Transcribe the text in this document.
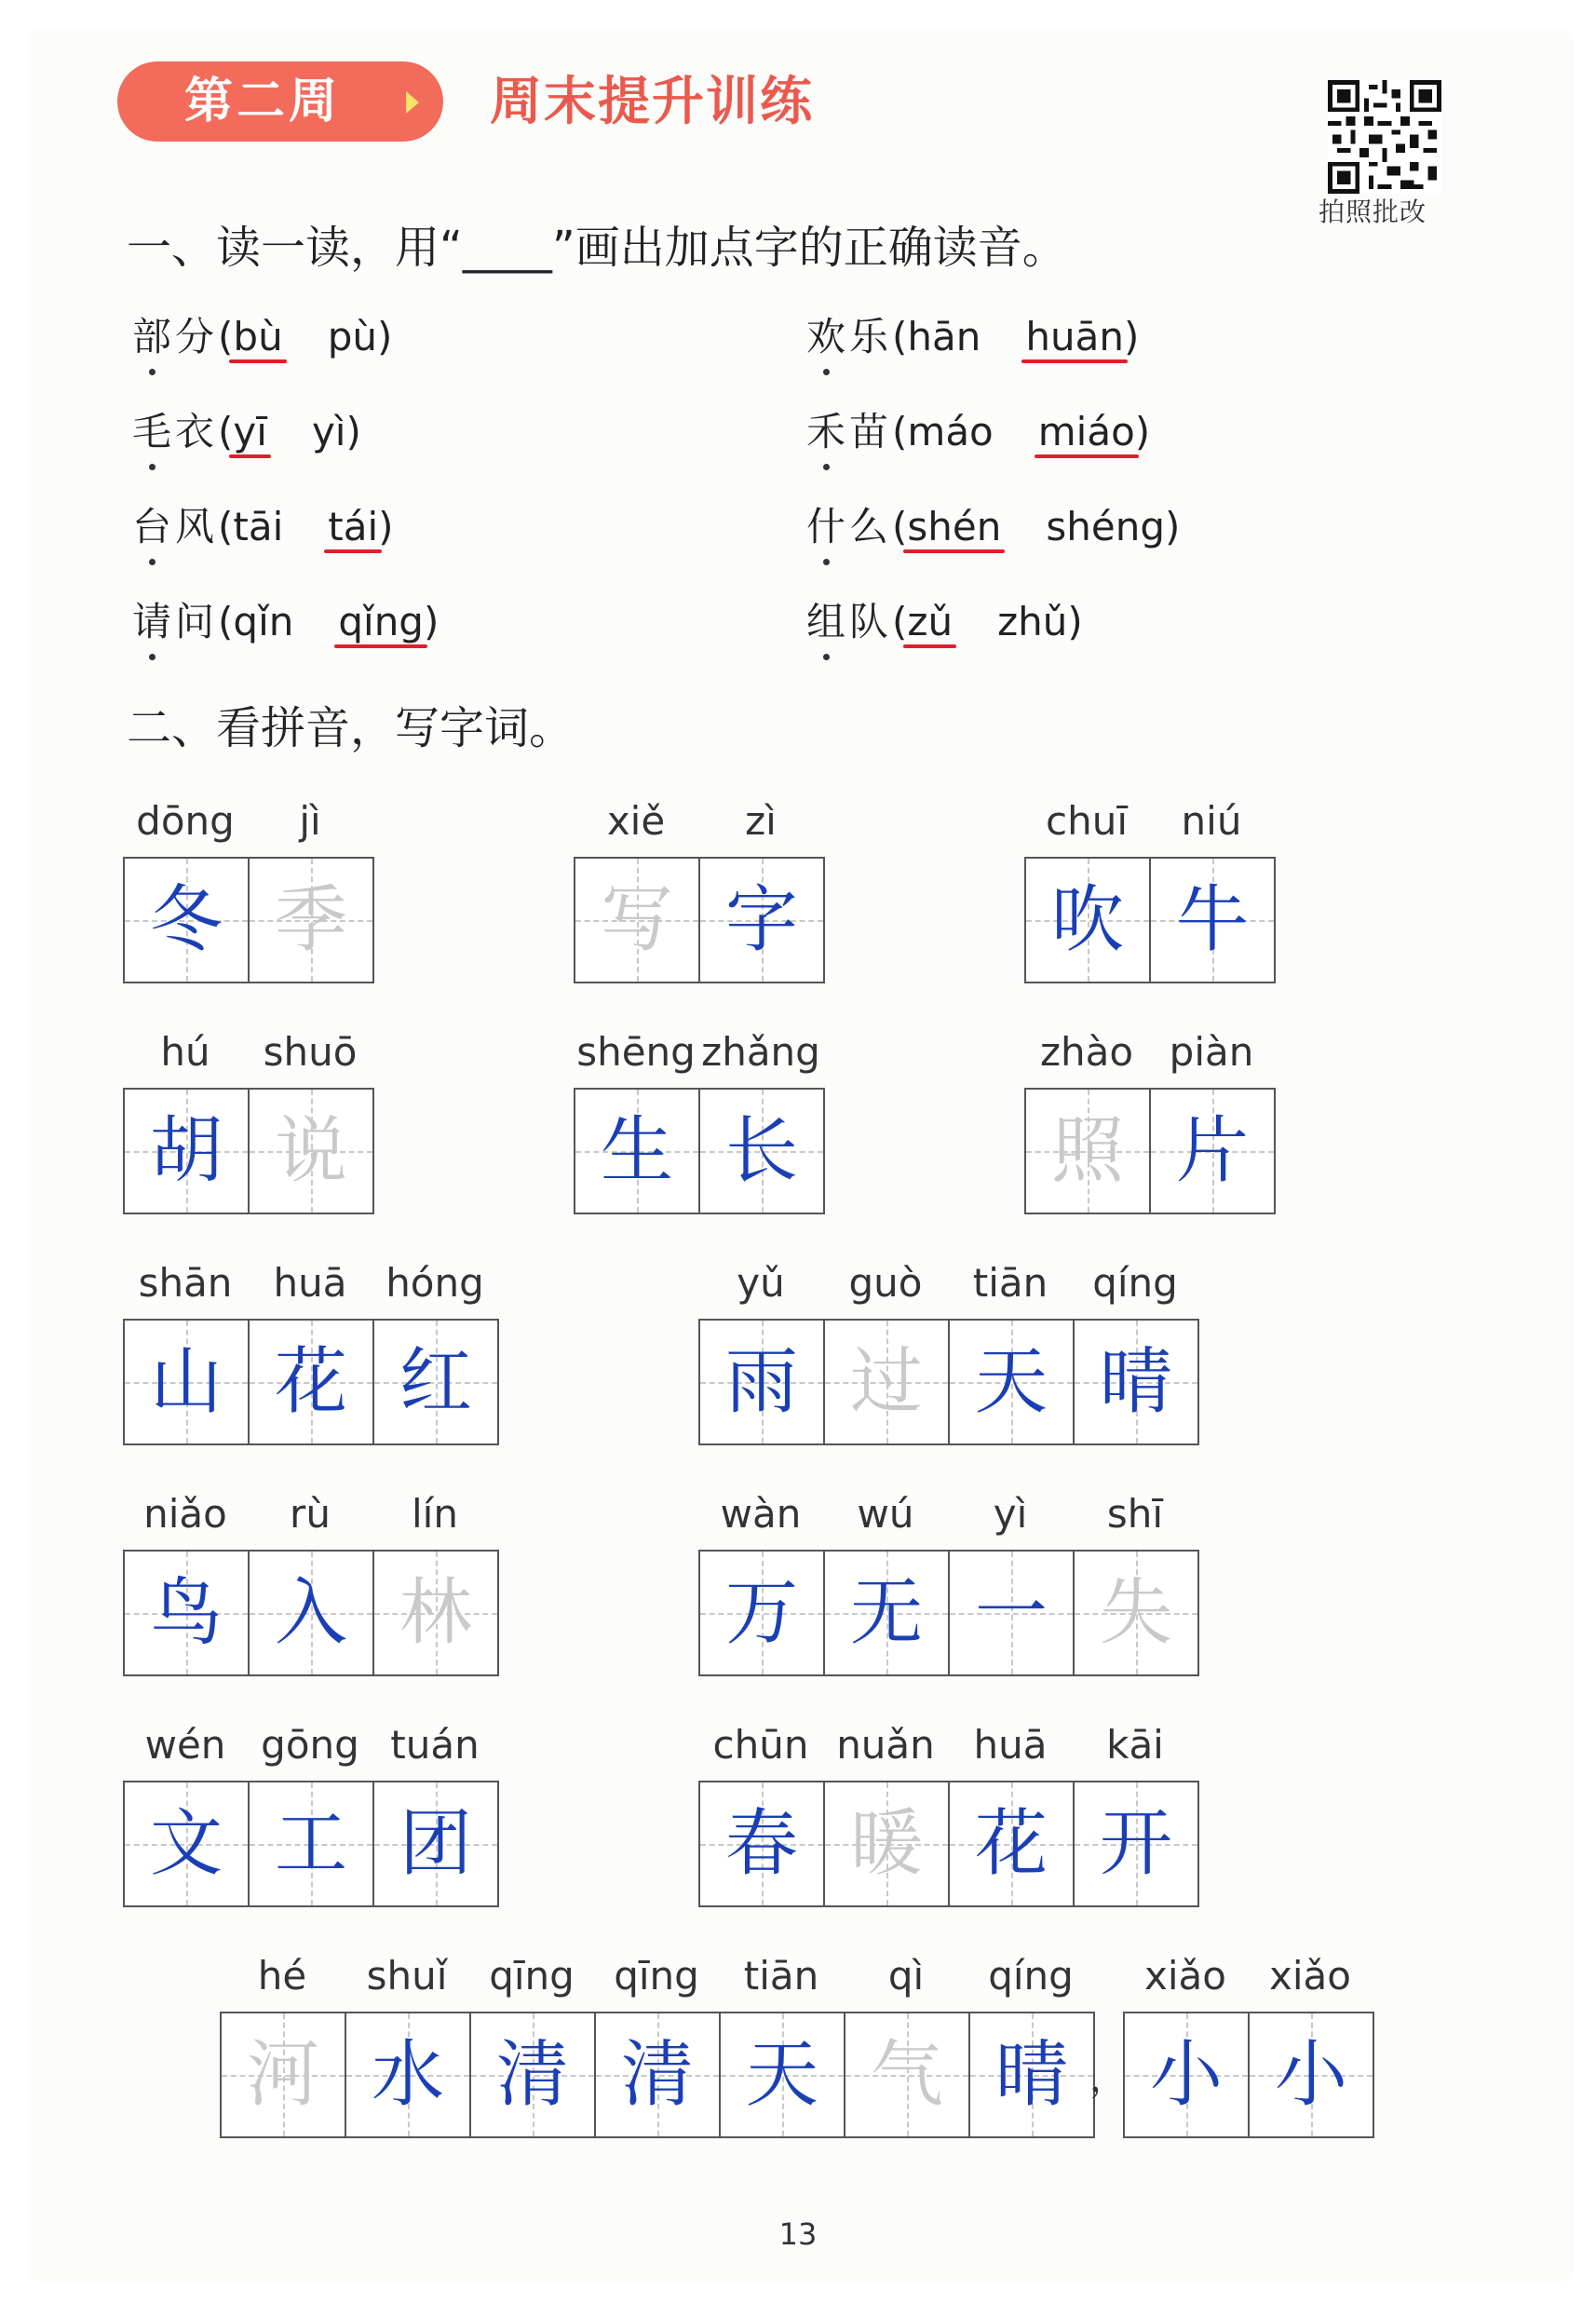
第二周	周末提升训练
拍照批改
一、读一读，用“____”画出加点字的正确读音。
部分(bù pù)	欢乐(hān huān)
毛衣(yī yì)	禾苗(máo miáo)
台风(tāi tái)	什么(shén shéng)
请问(qǐn qǐng)	组队(zǔ zhǔ)
二、看拼音，写字词。
dōng	jì
冬 季
xiě	zì
写 字
chuī	niú
吹 牛
hú	shuō
胡 说
shēng zhǎng
生 长
zhào piàn
照 片
shān	huā hóng
山 花 红
yǔ	guò	tiān	qíng
雨 过 天 晴
niǎo	rù	lín
鸟 入 林
wàn	wú	yì	shī
万 无 一 失
wén gōng tuán
文 工 团
chūn nuǎn huā	kāi
春 暖 花 开
hé	shuǐ	qīng	qīng	tiān	qì	qíng
河 水 清 清 天 气 晴
xiǎo	xiǎo
小 小
，
13
